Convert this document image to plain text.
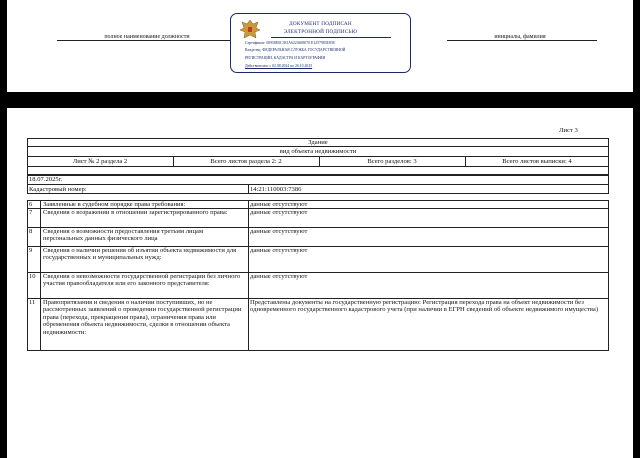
полное наименование должности	инициалы, фамилия
ДОКУМЕНТ ПОДПИСАН
ЭЛЕКТРОННОЙ ПОДПИСЬЮ
Сертификат: 00958E0C381A6220469070 E1257983E838
Владелец: ФЕДЕРАЛЬНАЯ СЛУЖБА ГОСУДАРСТВЕННОЙ
РЕГИСТРАЦИИ, КАДАСТРА И КАРТОГРАФИИ
Действителен: с 02.08.2024 по 26.10.2025
Лист 3
Здание
вид объекта недвижимости
Лист № 2 раздела 2	Всего листов раздела 2: 2	Всего разделов: 3	Всего листов выписки: 4
18.07.2025г.
Кадастровый номер:	14:21:110003:7386
6 Заявленные в судебном порядке права требования:	данные отсутствуют
7 Сведения о возражении в отношении зарегистрированного права:	данные отсутствуют
8 Сведения о возможности предоставления третьим лицам персональных данных физического лица
данные отсутствуют
9 Сведения о наличии решения об изъятии объекта недвижимости для государственных и муниципальных нужд:
данные отсутствуют
10 Сведения о невозможности государственной регистрации без личного участия правообладателя или его законного представителя:
данные отсутствуют
11 Правопритязания и сведения о наличии поступивших, но не рассмотренных заявлений о проведении государственной регистрации права (перехода, прекращения права), ограничения права или обременения объекта недвижимости, сделки в отношении объекта недвижимости:
Представлены документы на государственную регистрацию: Регистрация перехода права на объект недвижимости без одновременного государственного кадастрового учета (при наличии в ЕГРН сведений об объекте недвижимого имущества)
